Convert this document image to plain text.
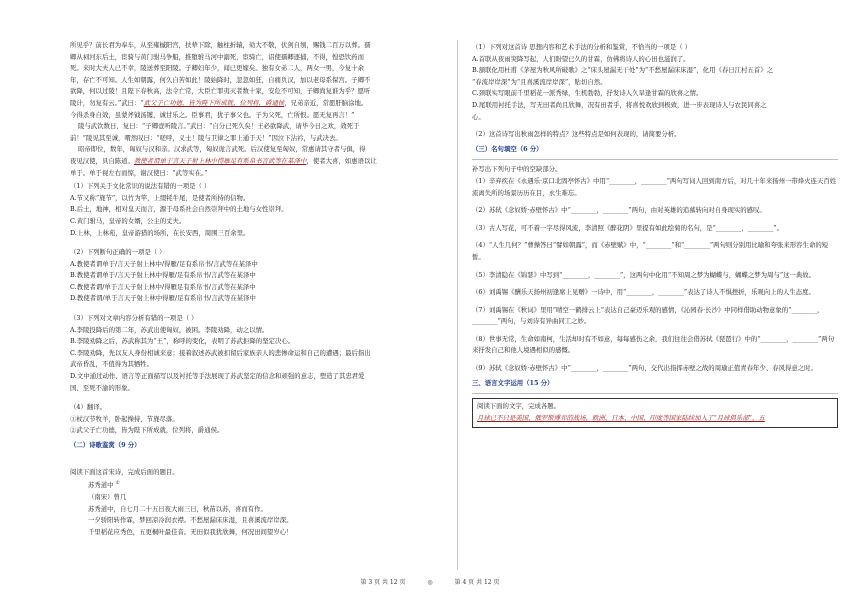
所见乎？前长君为奉车，从至雍槭阳宫，扶辇下除，触柱折辕，劾大不敬，伏剑自刎，赐钱二百万以葬。孺

卿从祠河东后土，宦骑与黄门驸马争船，推堕驸马河中溺死，宦骑亡，诏使孺卿逐捕，不得，惶恐饮药而

死。来时大夫人已不幸，陵送葬至阳陵。子卿妇年少，闻已更嫁矣。独有女弟二人，两女一男，今复十余

年，存亡不可知。人生如朝露，何久自苦如此！陵始降时，忽忽如狂，自痛负汉，加以老母系保宫。子卿不

欲降，何以过陵！且陛下春秋高，法令亡常，大臣亡罪夷灭者数十家，安危不可知，子卿尚复谁为乎？愿听

陵计，勿复有云。”武曰：“武父子亡功德，皆为陛下所成就，位列将，爵通侯，兄弟亲近，常愿肝脑涂地。

今得杀身自效，虽蒙斧钺汤镬，诚甘乐之。臣事君，犹子事父也。子为父死，亡所恨。愿无复再言！”

陵与武饮数日，复曰：“子卿壹听陵言。”武曰：“自分已死久矣！王必欲降武，请毕今日之欢，效死于

前！”陵见其至诚，喟然叹曰：“嗟呼，义士！陵与卫律之罪上通于天！”因泣下沾衿，与武决去。

昭帝即位，数年，匈奴与汉和亲。汉求武等，匈奴诡言武死。后汉使复至匈奴，常惠请其守者与俱，得

夜见汉使，具自陈道。教使者谓单于言天子射上林中得雁足有系帛书言武等在某泽中，使者大喜，如惠语以让

单于。单于视左右而惊，谢汉使曰：“武等实在。”

（1）下列关于文化常识的说法有错的一项是（ ）

A.节又称“旄节”，以竹为竿，上缀牦牛尾，是使者所持的信物。

B.后土，地神，相对皇天而言，源于母系社会自然崇拜中的土地与女性崇拜。

C.黄门驸马，皇帝的女婿，公主的丈夫。

D.上林，上林苑，皇帝游猎的场所，在长安西，周围三百余里。

（2）下列断句正确的一项是（ ）

A.教使者谓单于/言天子射上林中/得雁/足有系帛书/言武等在某泽中

B.教使者谓单于/言天子射上林中得雁/足有系帛书/言武等在某泽中

C.教使者谓/单于言天子射上林中/得雁足有系帛书/言武等在某泽中

D.教使者谓/单于言天子射上林中得雁/足有系帛书/言武等在某泽中

（3）下列对文章内容分析有错的一项是（ ）

A.李陵投降后的第二年，苏武出使匈奴，被困。李陵劝降，动之以情。

B.李陵劝降之后，苏武称其为“王”，称呼的变化，表明了苏武拒降的坚定决心。

C.李陵劝降，先以友人身份相诚来意；接着叙述苏武被扣留后家族亲人的悲惨命运和自己的遭遇；最后指出

武帝昏乱，不值得为其牺牲。

D.文中通过动作、语言等正面描写以及衬托等手法展现了苏武坚定的信念和顽强的意志，塑造了其忠君爱

国、至死不渝的形象。

（4）翻译。

①杖汉节牧羊，卧起操持，节旄尽落。

②武父子亡功德，皆为陛下所成就，位列将，爵通侯。

（二）诗歌鉴赏（9 分）

阅读下面这首宋诗，完成后面的题目。

苏秀道中 ①

（南宋）曾几

苏秀道中，自七月二十五日夜大雨三日，秋苗以苏，喜而有作。

一夕骄阳转作霖，梦回凉冷润衣襟。不愁屋漏床床湿，且喜溪流岸岸深。

千里稻花应秀色，五更桐叶最佳音。无田似我犹欣舞，何况田间望岁心！

（1）下列对这首诗 思想内容和艺术手法的分析和鉴赏，不恰当的一项是（ ）

A.首联从夜雨突降写起，人们盼望已久的甘霖，仿佛将诗人的心田也滋润了。

B.颔联化用杜甫《茅屋为秋风所破歌》之“床头屋漏无干处”为“不愁屋漏床床湿”，化用《春日江村五首》之

“春流岸岸深”为“且喜溪流岸岸深”，贴切自然。

C.颈联实写眼前千里稻花一派秀绿，生机勃勃，抒发诗人久旱逢甘霖的欣喜之情。

D.尾联用衬托手法，写无田者尚且欣舞，况有田者乎，将喜悦欢欣到极致，进一步表现诗人与农民同喜之

心。

（2）这首诗写出秋雨怎样的特点？这些特点是如何表现的，请简要分析。

（三）名句填空（6 分）

补写出下列句子中的空缺部分。

（1）辛弃疾在《永遇乐·京口北固亭怀古》中用“________，________”两句写词人回到南方后，对几十年来扬州一带烽火连天百姓流离失所的场景历历在目，永生难忘。

（2）苏轼《念奴娇·赤壁怀古》中“________，________”两句，由对英雄的追慕转向对自身现实的感叹。

（3）古人写花，可不着一字尽得风流，李清照《醉花阴》里提有如此绘菊的名句，是“________，________”。

（4）“人生几何？”曹操答曰“譬如朝露”，而《赤壁赋》中，“________”和“________”两句则分别用比喻和夸张来形容生命的短暂。

（5）李清隐在《锦瑟》中写到“________，________”，这两句中化用“不知周之梦为蝴蝶与，蝴蝶之梦为周与”这一典故。

（6）刘禹锡《酬乐天扬州初逢席上见赠》一诗中，用“________，________”表达了诗人不惧挫折，乐观向上的人生态度。

（7）刘禹锡在《秋词》里用“晴空一鹤排云上”表达自己豪迈乐观的感情，《沁园春·长沙》中同样借助动物意象的“________，________”两句，与刘诗有异曲同工之妙。

（8）世事无常，生命如南柯，生活却时有不如意，每每感伤之余，我们往往会借苏轼《琵琶行》中的“________，________”两句来抒发自己和他人境遇相似的感慨。

（9）苏轼《念奴娇·赤壁怀古》中“________，________”两句，交代出指挥赤壁之战的周瑜正值青春年少、春风得意之时。

三、语言文字运用（15 分）

阅读下面的文字，完成各题。

月球已不只是美国、俄罗斯博弈的战场，欧洲、日本、中国、印度等国家陆续加入了“月球俱乐部”，五

第 3 页 共 12 页	◎	第 4 页 共 12 页
